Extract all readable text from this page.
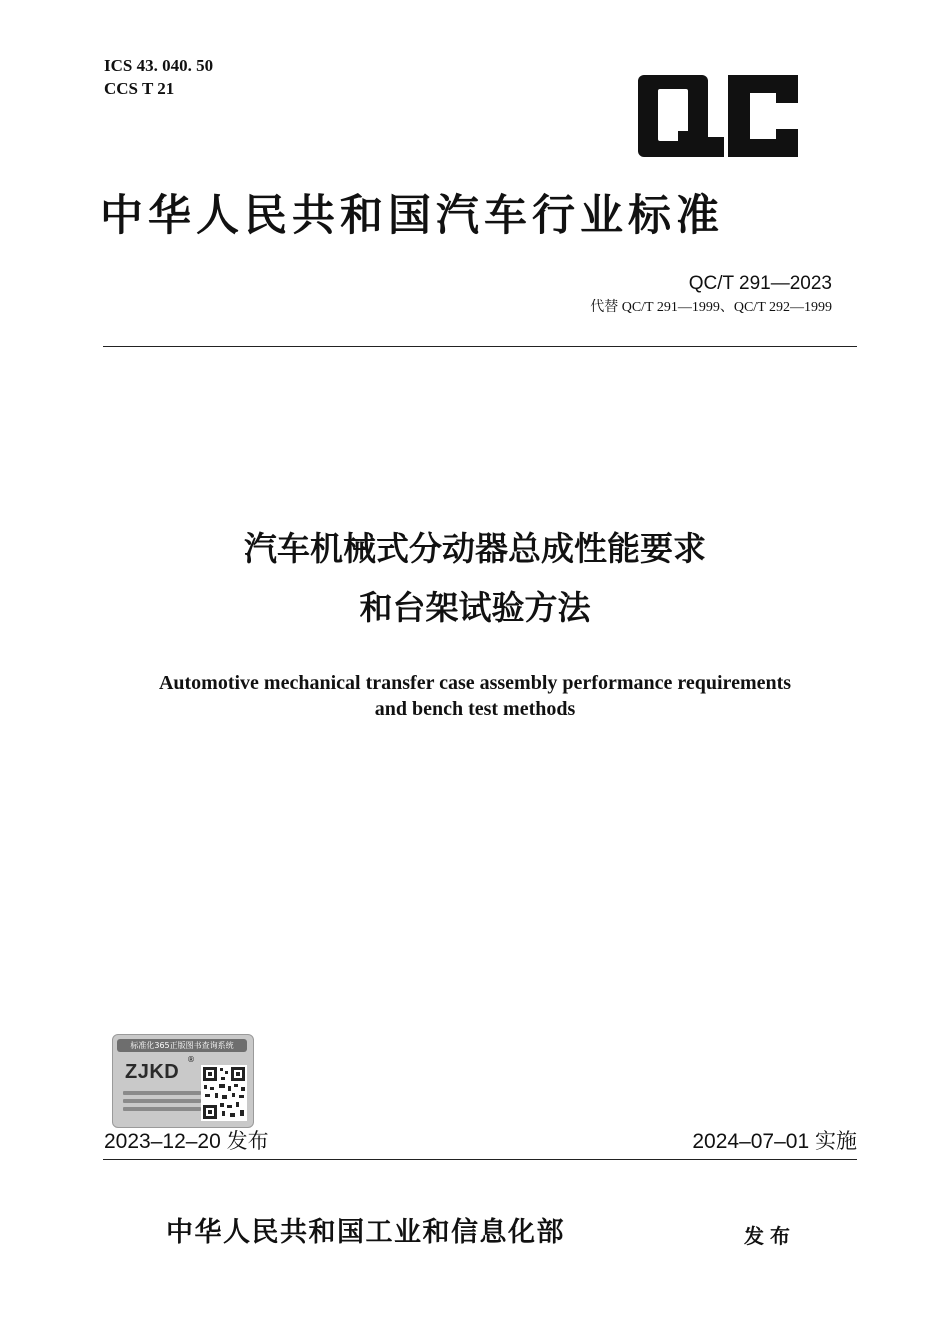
ICS 43. 040. 50
CCS T 21
中华人民共和国汽车行业标准
QC/T 291—2023
代替 QC/T 291—1999、QC/T 292—1999
汽车机械式分动器总成性能要求
和台架试验方法
Automotive mechanical transfer case assembly performance requirements
and bench test methods
标准化365正版图书查询系统
ZJKD
®
2023–12–20 发布	2024–07–01 实施
中华人民共和国工业和信息化部	发布
